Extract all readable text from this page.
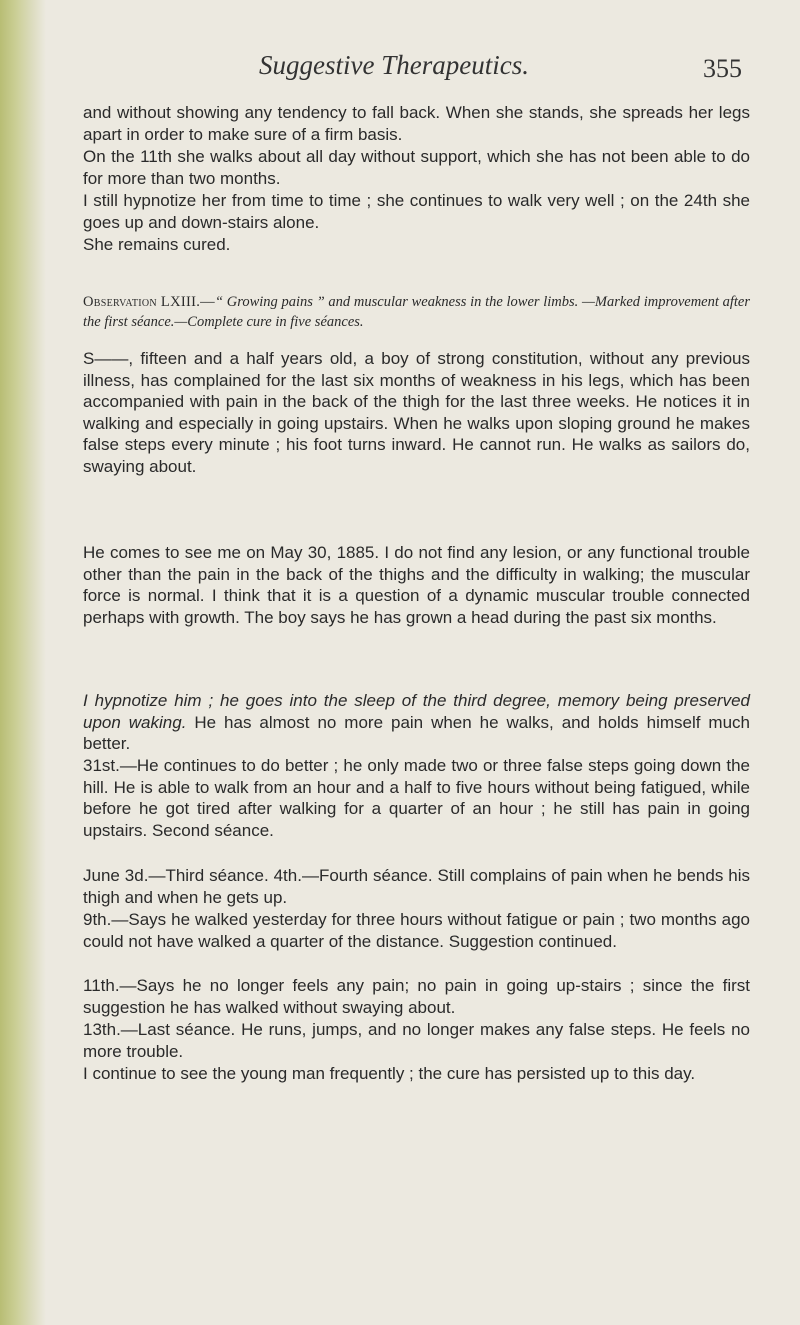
Suggestive Therapeutics.	355

and without showing any tendency to fall back. When she stands, she spreads her legs apart in order to make sure of a firm basis.

On the 11th she walks about all day without support, which she has not been able to do for more than two months.

I still hypnotize her from time to time ; she continues to walk very well ; on the 24th she goes up and down-stairs alone.

She remains cured.

Observation LXIII.—“ Growing pains ” and muscular weakness in the lower limbs. —Marked improvement after the first séance.—Complete cure in five séances.

S——, fifteen and a half years old, a boy of strong constitution, without any previous illness, has complained for the last six months of weakness in his legs, which has been accompanied with pain in the back of the thigh for the last three weeks. He notices it in walking and especially in going upstairs. When he walks upon sloping ground he makes false steps every minute ; his foot turns inward. He cannot run. He walks as sailors do, swaying about.

He comes to see me on May 30, 1885. I do not find any lesion, or any functional trouble other than the pain in the back of the thighs and the difficulty in walking; the muscular force is normal. I think that it is a question of a dynamic muscular trouble connected perhaps with growth. The boy says he has grown a head during the past six months.

I hypnotize him ; he goes into the sleep of the third degree, memory being preserved upon waking. He has almost no more pain when he walks, and holds himself much better.

31st.—He continues to do better ; he only made two or three false steps going down the hill. He is able to walk from an hour and a half to five hours without being fatigued, while before he got tired after walking for a quarter of an hour ; he still has pain in going upstairs. Second séance.

June 3d.—Third séance. 4th.—Fourth séance. Still complains of pain when he bends his thigh and when he gets up.

9th.—Says he walked yesterday for three hours without fatigue or pain ; two months ago could not have walked a quarter of the distance. Suggestion continued.

11th.—Says he no longer feels any pain; no pain in going up-stairs ; since the first suggestion he has walked without swaying about.

13th.—Last séance. He runs, jumps, and no longer makes any false steps. He feels no more trouble.

I continue to see the young man frequently ; the cure has persisted up to this day.
